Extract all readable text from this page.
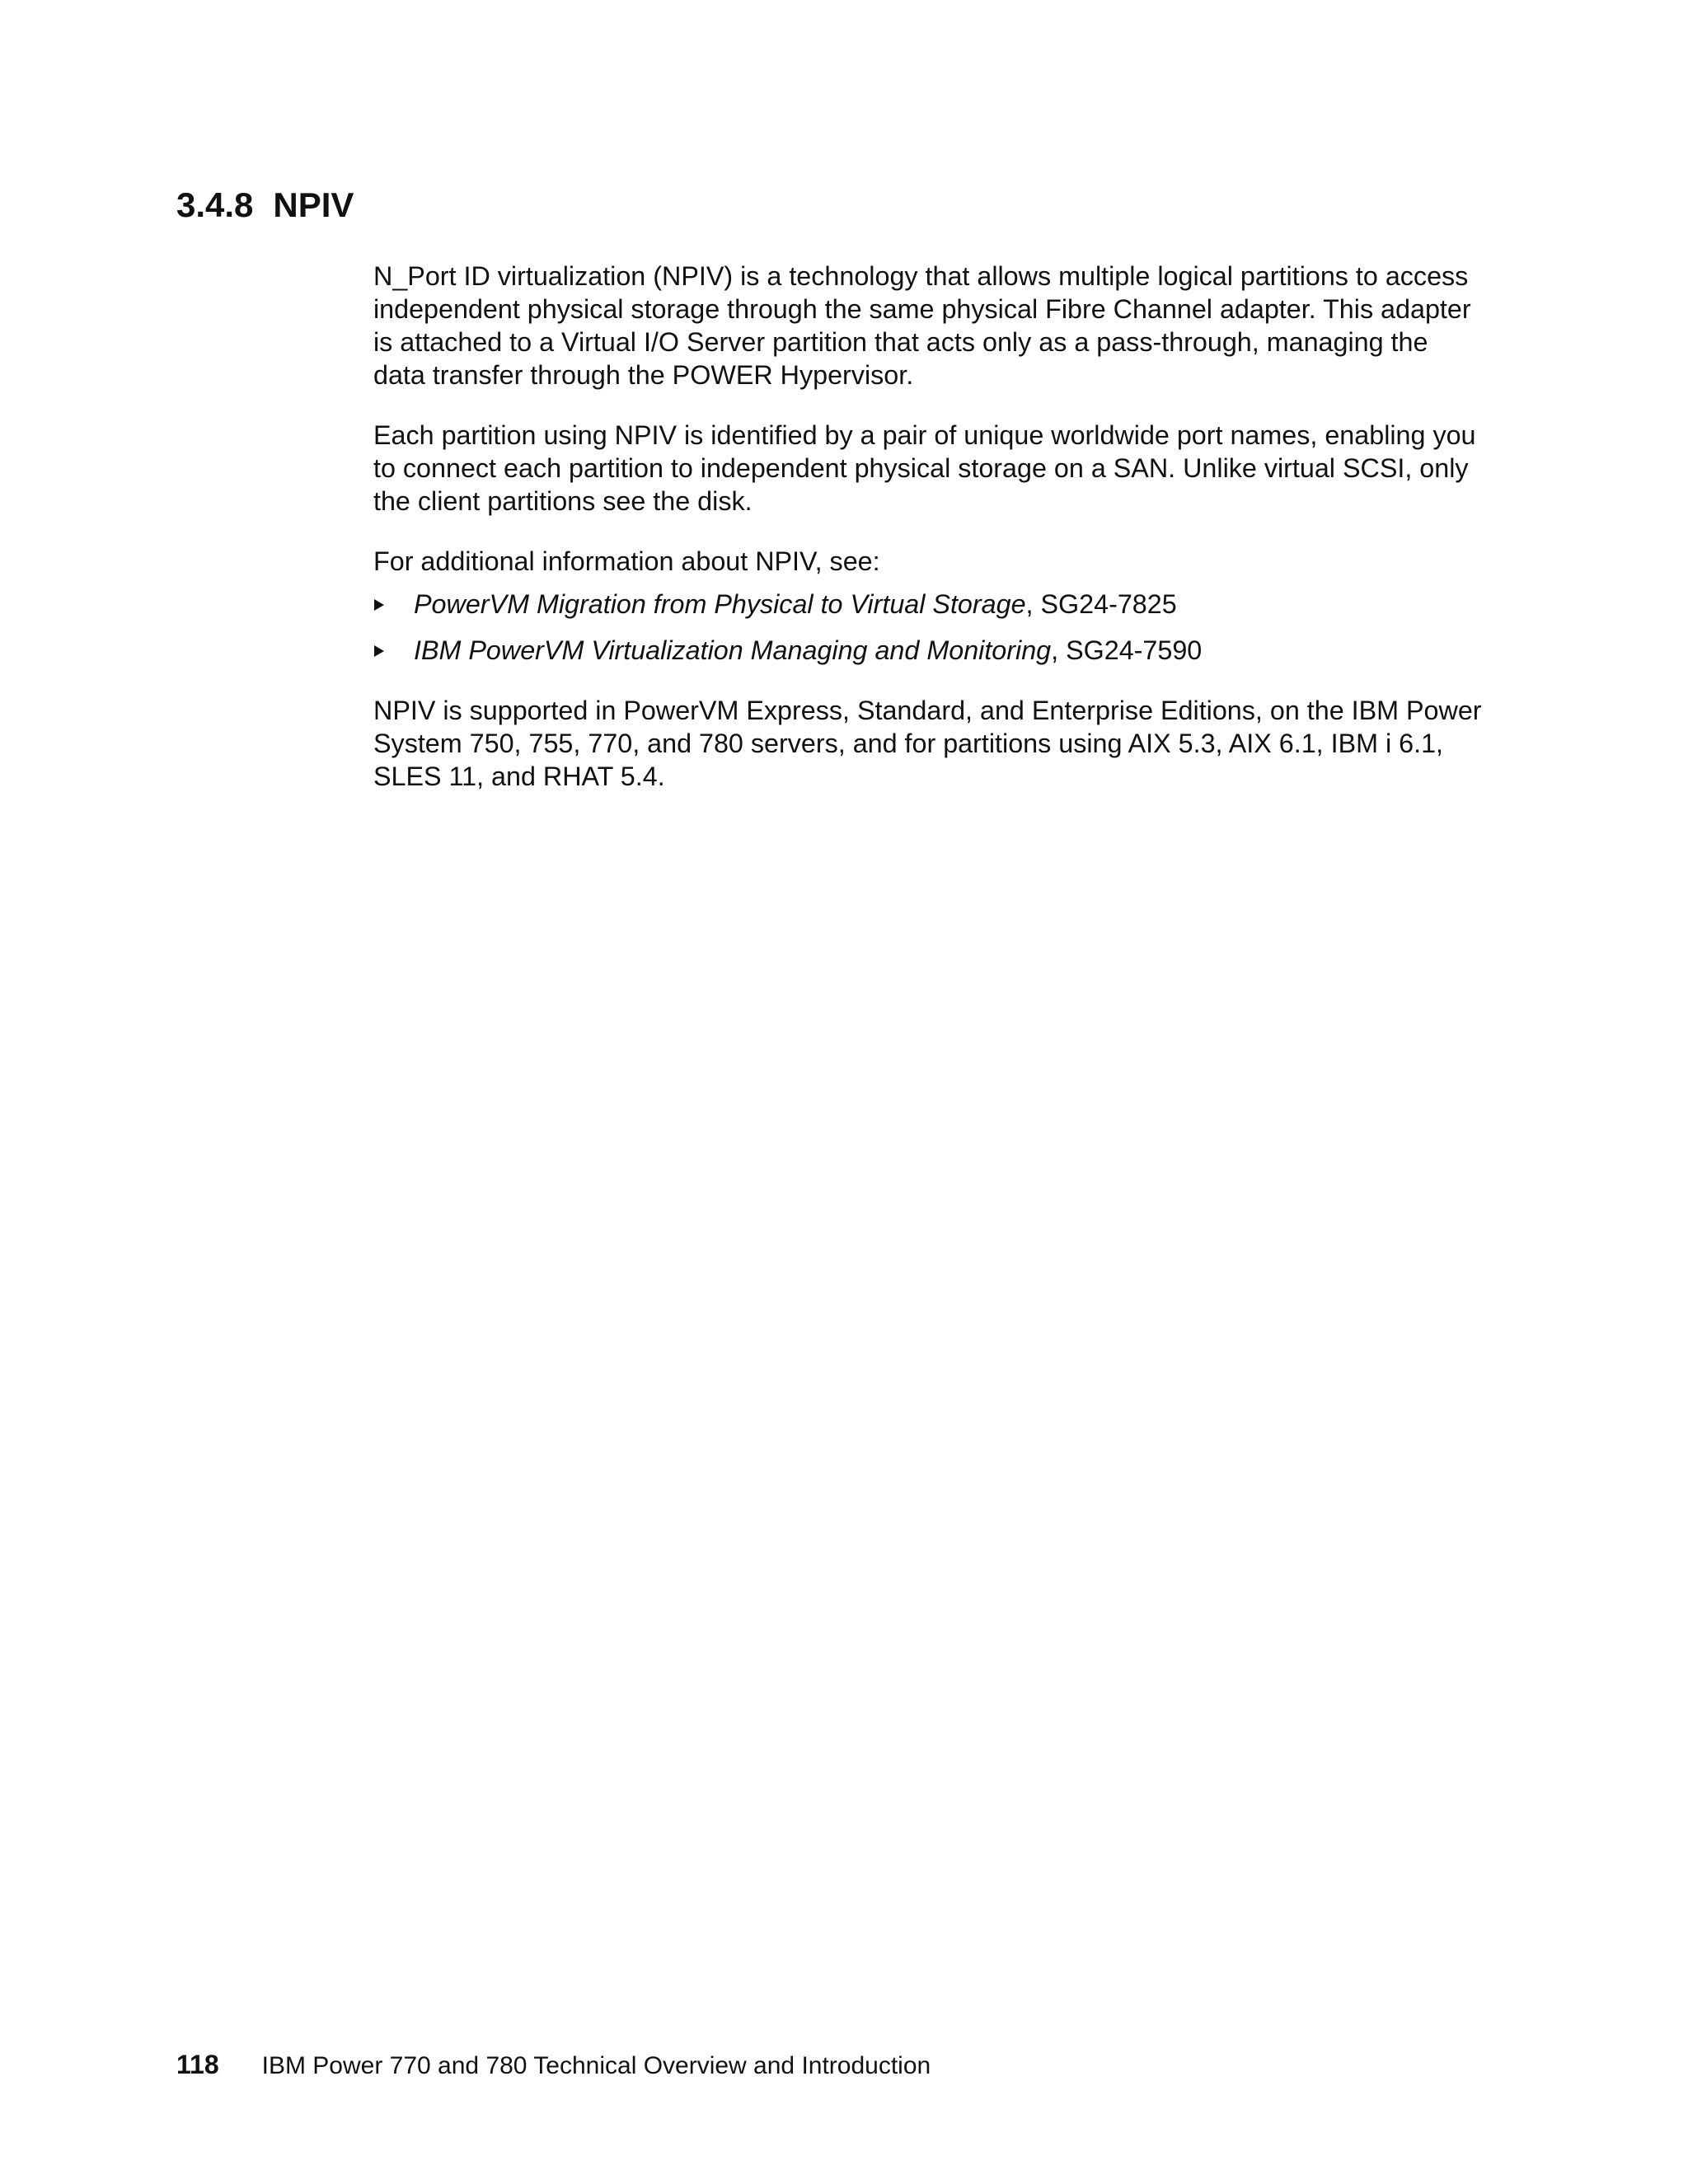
3.4.8 NPIV

N_Port ID virtualization (NPIV) is a technology that allows multiple logical partitions to access independent physical storage through the same physical Fibre Channel adapter. This adapter is attached to a Virtual I/O Server partition that acts only as a pass-through, managing the data transfer through the POWER Hypervisor.

Each partition using NPIV is identified by a pair of unique worldwide port names, enabling you to connect each partition to independent physical storage on a SAN. Unlike virtual SCSI, only the client partitions see the disk.

For additional information about NPIV, see:

PowerVM Migration from Physical to Virtual Storage, SG24-7825
IBM PowerVM Virtualization Managing and Monitoring, SG24-7590

NPIV is supported in PowerVM Express, Standard, and Enterprise Editions, on the IBM Power System 750, 755, 770, and 780 servers, and for partitions using AIX 5.3, AIX 6.1, IBM i 6.1, SLES 11, and RHAT 5.4.

118 IBM Power 770 and 780 Technical Overview and Introduction
